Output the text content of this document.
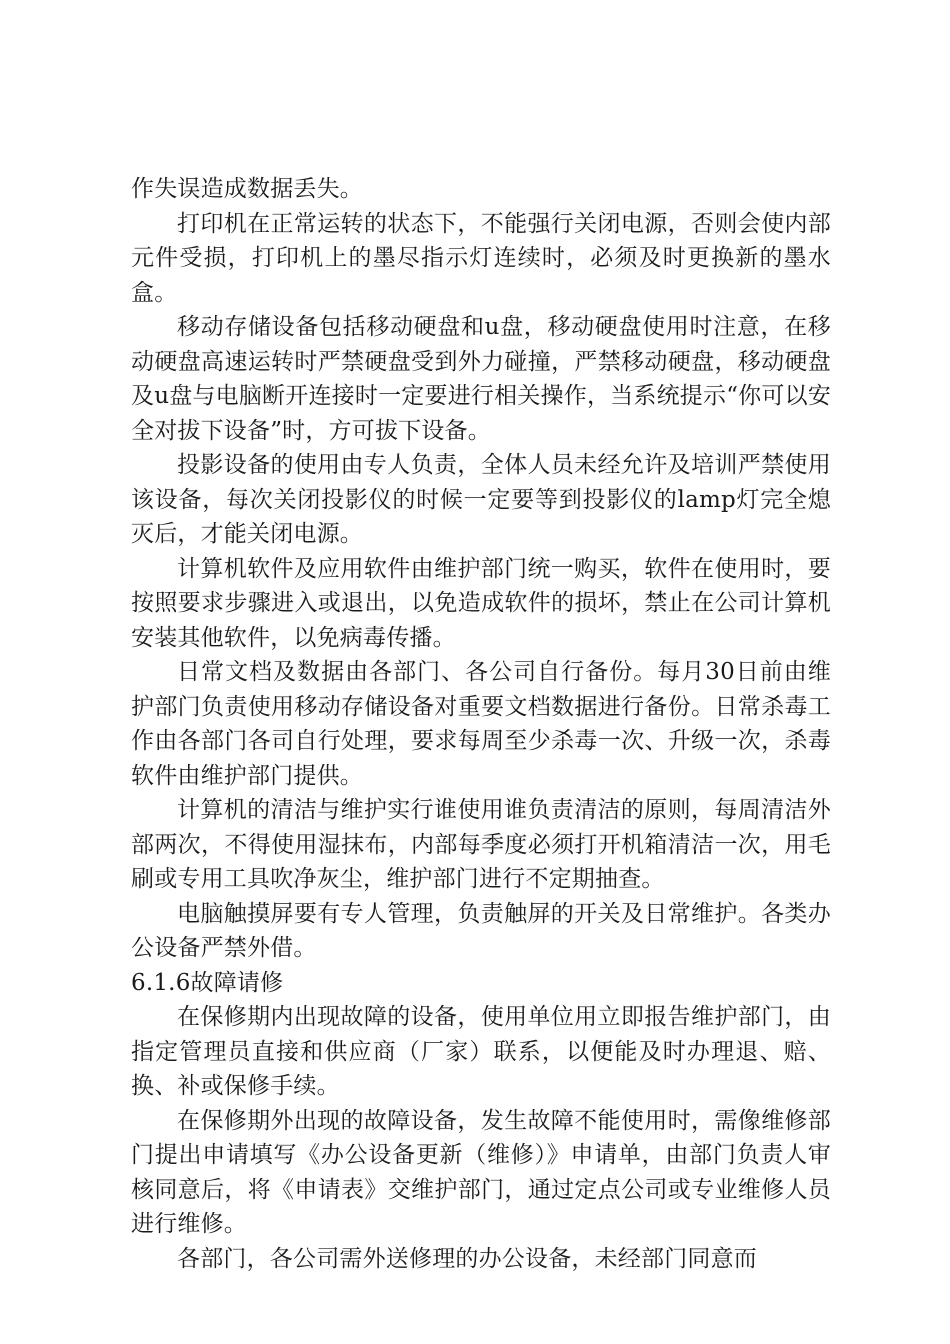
作失误造成数据丢失。

打印机在正常运转的状态下，不能强行关闭电源，否则会使内部元件受损，打印机上的墨尽指示灯连续时，必须及时更换新的墨水盒。

移动存储设备包括移动硬盘和u盘，移动硬盘使用时注意，在移动硬盘高速运转时严禁硬盘受到外力碰撞，严禁移动硬盘，移动硬盘及u盘与电脑断开连接时一定要进行相关操作，当系统提示“你可以安全对拔下设备”时，方可拔下设备。

投影设备的使用由专人负责，全体人员未经允许及培训严禁使用该设备，每次关闭投影仪的时候一定要等到投影仪的lamp灯完全熄灭后，才能关闭电源。

计算机软件及应用软件由维护部门统一购买，软件在使用时，要按照要求步骤进入或退出，以免造成软件的损坏，禁止在公司计算机安装其他软件，以免病毒传播。

日常文档及数据由各部门、各公司自行备份。每月30日前由维护部门负责使用移动存储设备对重要文档数据进行备份。日常杀毒工作由各部门各司自行处理，要求每周至少杀毒一次、升级一次，杀毒软件由维护部门提供。

计算机的清洁与维护实行谁使用谁负责清洁的原则，每周清洁外部两次，不得使用湿抹布，内部每季度必须打开机箱清洁一次，用毛刷或专用工具吹净灰尘，维护部门进行不定期抽查。

电脑触摸屏要有专人管理，负责触屏的开关及日常维护。各类办公设备严禁外借。

6.1.6故障请修

在保修期内出现故障的设备，使用单位用立即报告维护部门，由指定管理员直接和供应商（厂家）联系，以便能及时办理退、赔、换、补或保修手续。

在保修期外出现的故障设备，发生故障不能使用时，需像维修部门提出申请填写《办公设备更新（维修）》申请单，由部门负责人审核同意后，将《申请表》交维护部门，通过定点公司或专业维修人员进行维修。

各部门，各公司需外送修理的办公设备，未经部门同意而
